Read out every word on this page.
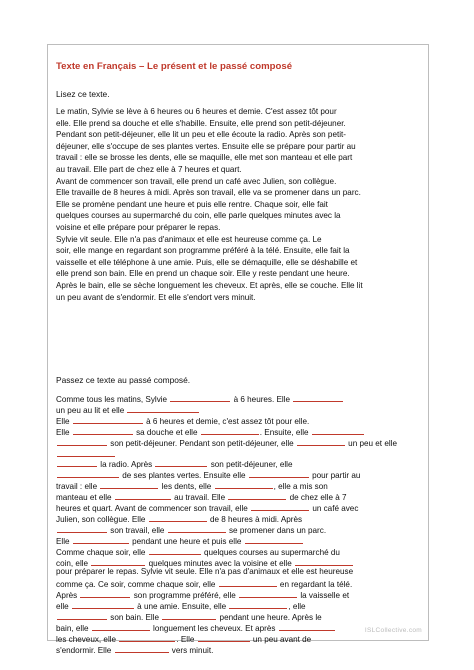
Texte en Français – Le présent et le passé composé
Lisez ce texte.
Le matin, Sylvie se lève à 6 heures ou 6 heures et demie. C'est assez tôt pour
elle. Elle prend sa douche et elle s'habille. Ensuite, elle prend son petit-déjeuner.
Pendant son petit-déjeuner, elle lit un peu et elle écoute la radio. Après son petit-
déjeuner, elle s'occupe de ses plantes vertes. Ensuite elle se prépare pour partir au
travail : elle se brosse les dents, elle se maquille, elle met son manteau et elle part
au travail. Elle part de chez elle à 7 heures et quart.
Avant de commencer son travail, elle prend un café avec Julien, son collègue.
Elle travaille de 8 heures à midi. Après son travail, elle va se promener dans un parc.
Elle se promène pendant une heure et puis elle rentre. Chaque soir, elle fait
quelques courses au supermarché du coin, elle parle quelques minutes avec la
voisine et elle prépare pour préparer le repas.
Sylvie vit seule. Elle n'a pas d'animaux et elle est heureuse comme ça. Le
soir, elle mange en regardant son programme préféré à la télé. Ensuite, elle fait la
vaisselle et elle téléphone à une amie. Puis, elle se démaquille, elle se déshabille et
elle prend son bain. Elle en prend un chaque soir. Elle y reste pendant une heure.
Après le bain, elle se sèche longuement les cheveux. Et après, elle se couche. Elle lit
un peu avant de s'endormir. Et elle s'endort vers minuit.
Passez ce texte au passé composé.
Comme tous les matins, Sylvie	à 6 heures. Elle
un peu au lit et elle
Elle	à 6 heures et demie, c'est assez tôt pour elle.
Elle	sa douche et elle	. Ensuite, elle
son petit-déjeuner. Pendant son petit-déjeuner, elle	un peu et elle
la radio. Après	son petit-déjeuner, elle
de ses plantes vertes. Ensuite elle	pour partir au
travail : elle	les dents, elle	, elle a mis son
manteau et elle	au travail. Elle	de chez elle à 7
heures et quart. Avant de commencer son travail, elle	un café avec
Julien, son collègue. Elle	de 8 heures à midi. Après
son travail, elle	se promener dans un parc.
Elle	pendant une heure et puis elle
Comme chaque soir, elle	quelques courses au supermarché du
coin, elle	quelques minutes avec la voisine et elle
pour préparer le repas. Sylvie vit seule. Elle n'a pas d'animaux et elle est heureuse
comme ça. Ce soir, comme chaque soir, elle	en regardant la télé.
Après	son programme préféré, elle	la vaisselle et
elle	à une amie. Ensuite, elle	, elle
son bain. Elle	pendant une heure. Après le
bain, elle	longuement les cheveux. Et après
les cheveux, elle	. Elle	un peu avant de
s'endormir. Elle	vers minuit.
ISLCollective.com
